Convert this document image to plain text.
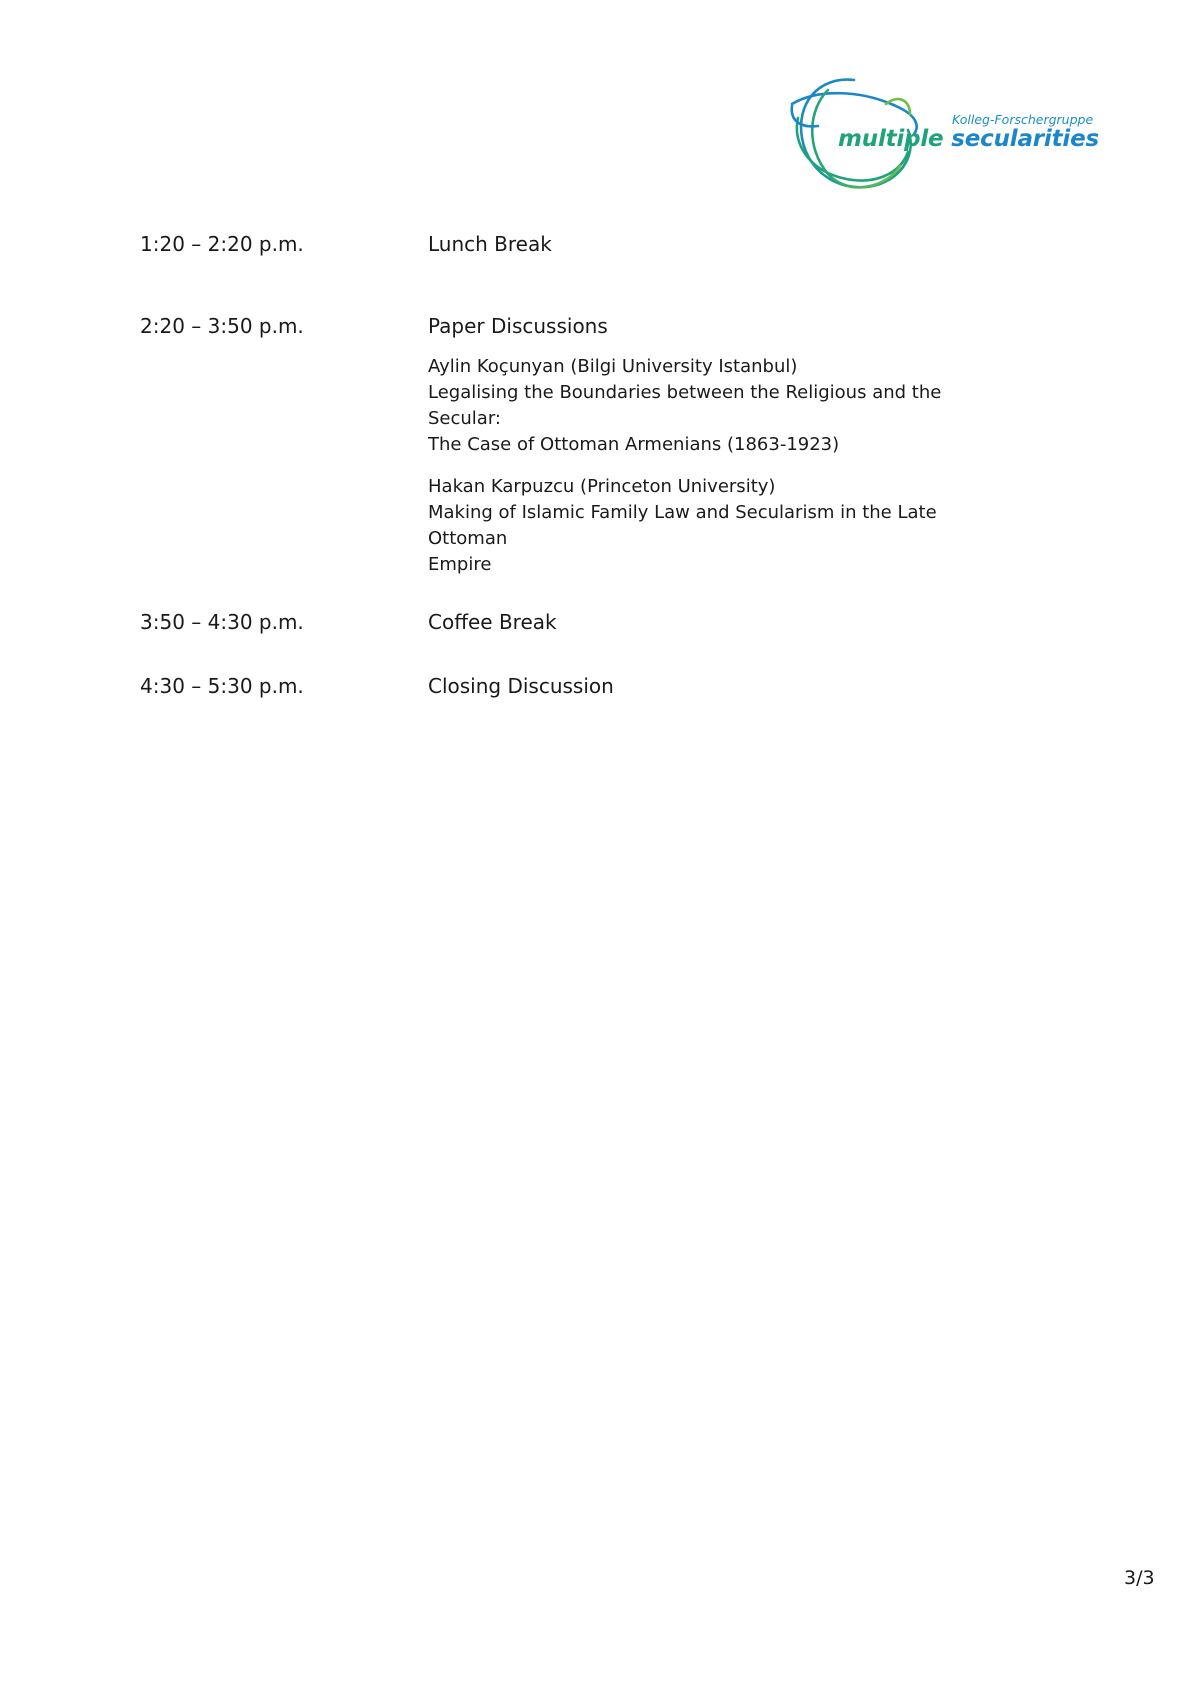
Kolleg-Forschergruppe
multiple secularities
1:20 – 2:20 p.m.	Lunch Break
2:20 – 3:50 p.m.	Paper Discussions
Aylin Koçunyan (Bilgi University Istanbul)
Legalising the Boundaries between the Religious and the Secular:
The Case of Ottoman Armenians (1863-1923)
Hakan Karpuzcu (Princeton University)
Making of Islamic Family Law and Secularism in the Late Ottoman
Empire
3:50 – 4:30 p.m.	Coffee Break
4:30 – 5:30 p.m.	Closing Discussion
3/3
